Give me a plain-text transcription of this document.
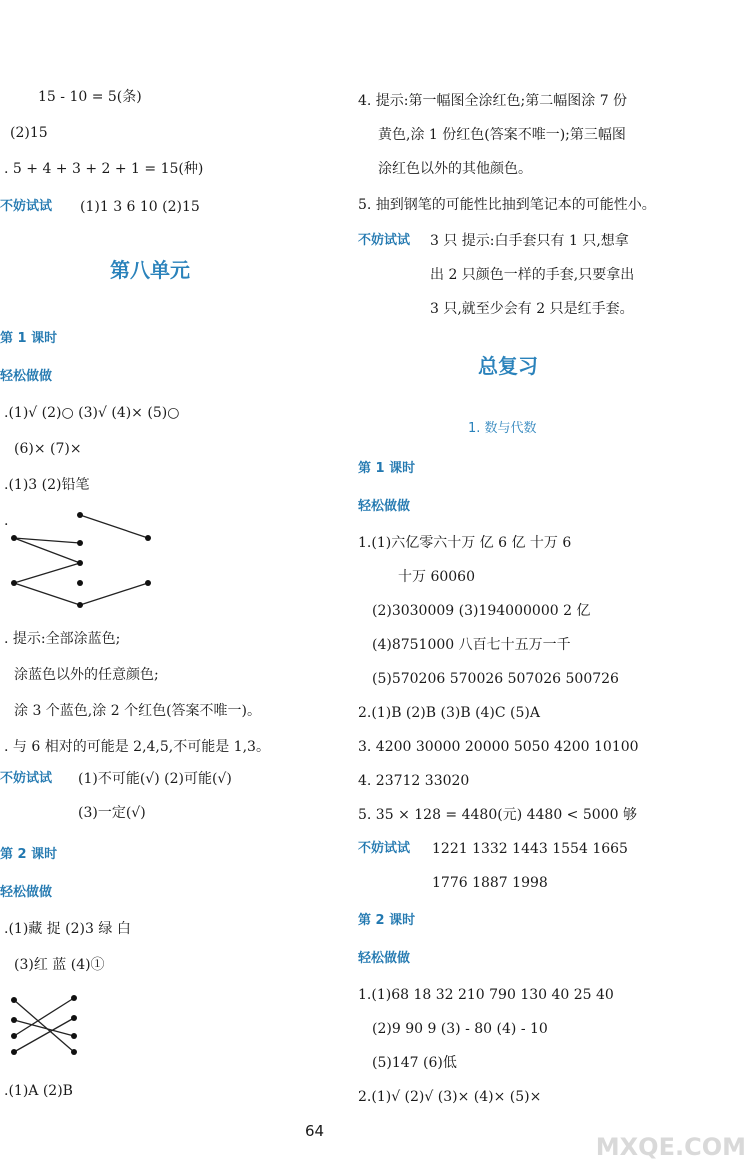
15 - 10 = 5(条)
(2)15
. 5 + 4 + 3 + 2 + 1 = 15(种)
不妨试试 (1)1 3 6 10 (2)15
第八单元
第 1 课时
轻松做做
.(1)√ (2)○ (3)√ (4)× (5)○
(6)× (7)×
.(1)3 (2)铅笔
.
. 提示:全部涂蓝色;
涂蓝色以外的任意颜色;
涂 3 个蓝色,涂 2 个红色(答案不唯一)。
. 与 6 相对的可能是 2,4,5,不可能是 1,3。
不妨试试 (1)不可能(√) (2)可能(√)
(3)一定(√)
第 2 课时
轻松做做
.(1)藏 捉 (2)3 绿 白
(3)红 蓝 (4)①
.(1)A (2)B
4. 提示:第一幅图全涂红色;第二幅图涂 7 份
黄色,涂 1 份红色(答案不唯一);第三幅图
涂红色以外的其他颜色。
5. 抽到钢笔的可能性比抽到笔记本的可能性小。
不妨试试 3 只 提示:白手套只有 1 只,想拿
出 2 只颜色一样的手套,只要拿出
3 只,就至少会有 2 只是红手套。
总复习
1. 数与代数
第 1 课时
轻松做做
1.(1)六亿零六十万 亿 6 亿 十万 6
十万 60060
(2)3030009 (3)194000000 2 亿
(4)8751000 八百七十五万一千
(5)570206 570026 507026 500726
2.(1)B (2)B (3)B (4)C (5)A
3. 4200 30000 20000 5050 4200 10100
4. 23712 33020
5. 35 × 128 = 4480(元) 4480 < 5000 够
不妨试试 1221 1332 1443 1554 1665
1776 1887 1998
第 2 课时
轻松做做
1.(1)68 18 32 210 790 130 40 25 40
(2)9 90 9 (3) - 80 (4) - 10
(5)147 (6)低
2.(1)√ (2)√ (3)× (4)× (5)×
64
MXQE.COM
